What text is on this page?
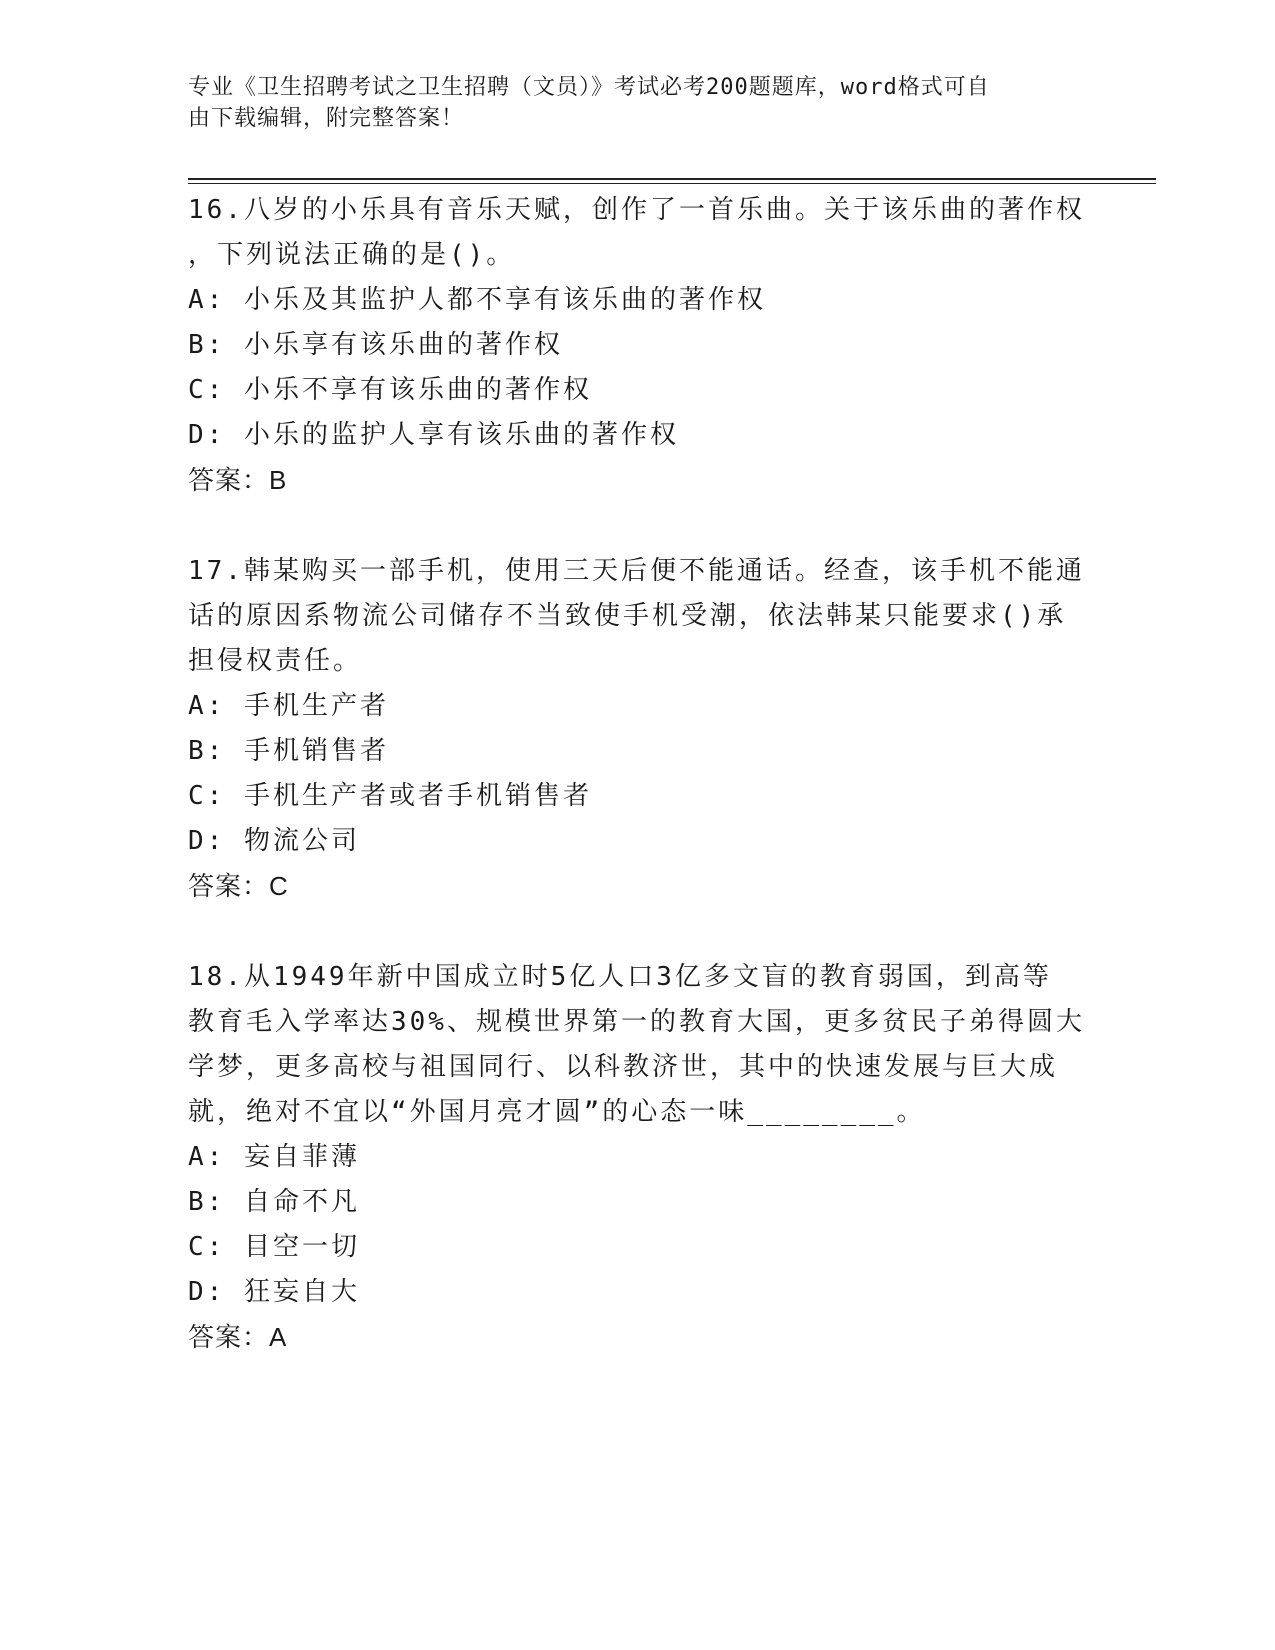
专业《卫生招聘考试之卫生招聘（文员）》考试必考200题题库，word格式可自
由下载编辑，附完整答案！

16.八岁的小乐具有音乐天赋，创作了一首乐曲。关于该乐曲的著作权

，下列说法正确的是()。

A: 小乐及其监护人都不享有该乐曲的著作权

B: 小乐享有该乐曲的著作权

C: 小乐不享有该乐曲的著作权

D: 小乐的监护人享有该乐曲的著作权

答案：B

17.韩某购买一部手机，使用三天后便不能通话。经查，该手机不能通

话的原因系物流公司储存不当致使手机受潮，依法韩某只能要求()承

担侵权责任。

A: 手机生产者

B: 手机销售者

C: 手机生产者或者手机销售者

D: 物流公司

答案：C

18.从1949年新中国成立时5亿人口3亿多文盲的教育弱国，到高等

教育毛入学率达30%、规模世界第一的教育大国，更多贫民子弟得圆大

学梦，更多高校与祖国同行、以科教济世，其中的快速发展与巨大成

就，绝对不宜以“外国月亮才圆”的心态一味________。

A: 妄自菲薄

B: 自命不凡

C: 目空一切

D: 狂妄自大

答案：A
